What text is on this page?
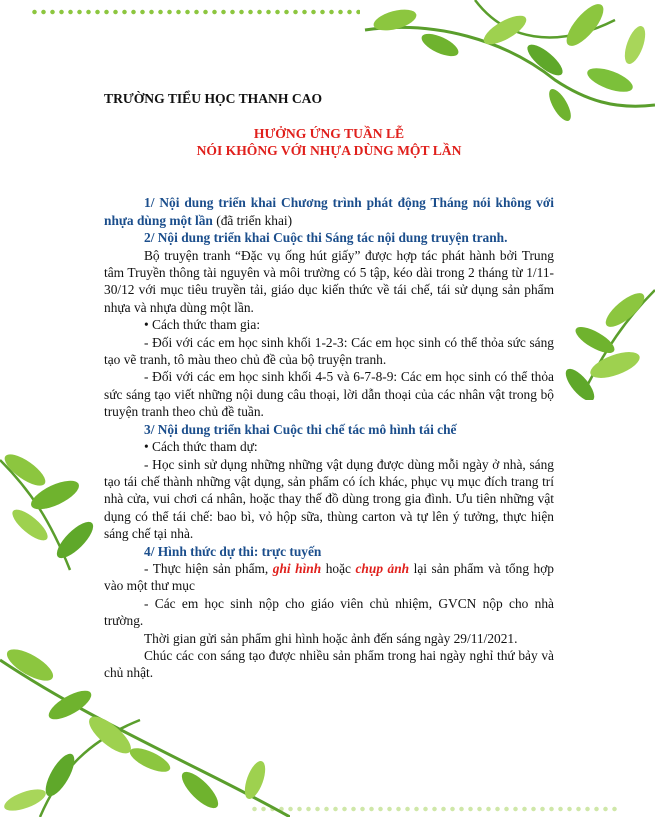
TRƯỜNG TIỂU HỌC THANH CAO
HƯỞNG ỨNG TUẦN LỄ
NÓI KHÔNG VỚI NHỰA DÙNG MỘT LẦN

1/ Nội dung triển khai Chương trình phát động Tháng nói không với nhựa dùng một lần (đã triển khai)

2/ Nội dung triển khai Cuộc thi Sáng tác nội dung truyện tranh.

Bộ truyện tranh “Đặc vụ ống hút giấy” được hợp tác phát hành bởi Trung tâm Truyền thông tài nguyên và môi trường có 5 tập, kéo dài trong 2 tháng từ 1/11-30/12 với mục tiêu truyền tải, giáo dục kiến thức về tái chế, tái sử dụng sản phẩm nhựa và nhựa dùng một lần.

• Cách thức tham gia:

- Đối với các em học sinh khối 1-2-3: Các em học sinh có thể thỏa sức sáng tạo vẽ tranh, tô màu theo chủ đề của bộ truyện tranh.

- Đối với các em học sinh khối 4-5 và 6-7-8-9: Các em học sinh có thể thỏa sức sáng tạo viết những nội dung câu thoại, lời dẫn thoại của các nhân vật trong bộ truyện tranh theo chủ đề tuần.

3/ Nội dung triển khai Cuộc thi chế tác mô hình tái chế

• Cách thức tham dự:

- Học sinh sử dụng những những vật dụng được dùng mỗi ngày ở nhà, sáng tạo tái chế thành những vật dụng, sản phẩm có ích khác, phục vụ mục đích trang trí nhà cửa, vui chơi cá nhân, hoặc thay thế đồ dùng trong gia đình. Ưu tiên những vật dụng có thể tái chế: bao bì, vỏ hộp sữa, thùng carton và tự lên ý tưởng, thực hiện sáng chế tại nhà.

4/ Hình thức dự thi: trực tuyến

- Thực hiện sản phẩm, ghi hình hoặc chụp ảnh lại sản phẩm và tổng hợp vào một thư mục

- Các em học sinh nộp cho giáo viên chủ nhiệm, GVCN nộp cho nhà trường.

Thời gian gửi sản phẩm ghi hình hoặc ảnh đến sáng ngày 29/11/2021.

Chúc các con sáng tạo được nhiều sản phẩm trong hai ngày nghỉ thứ bảy và chủ nhật.
